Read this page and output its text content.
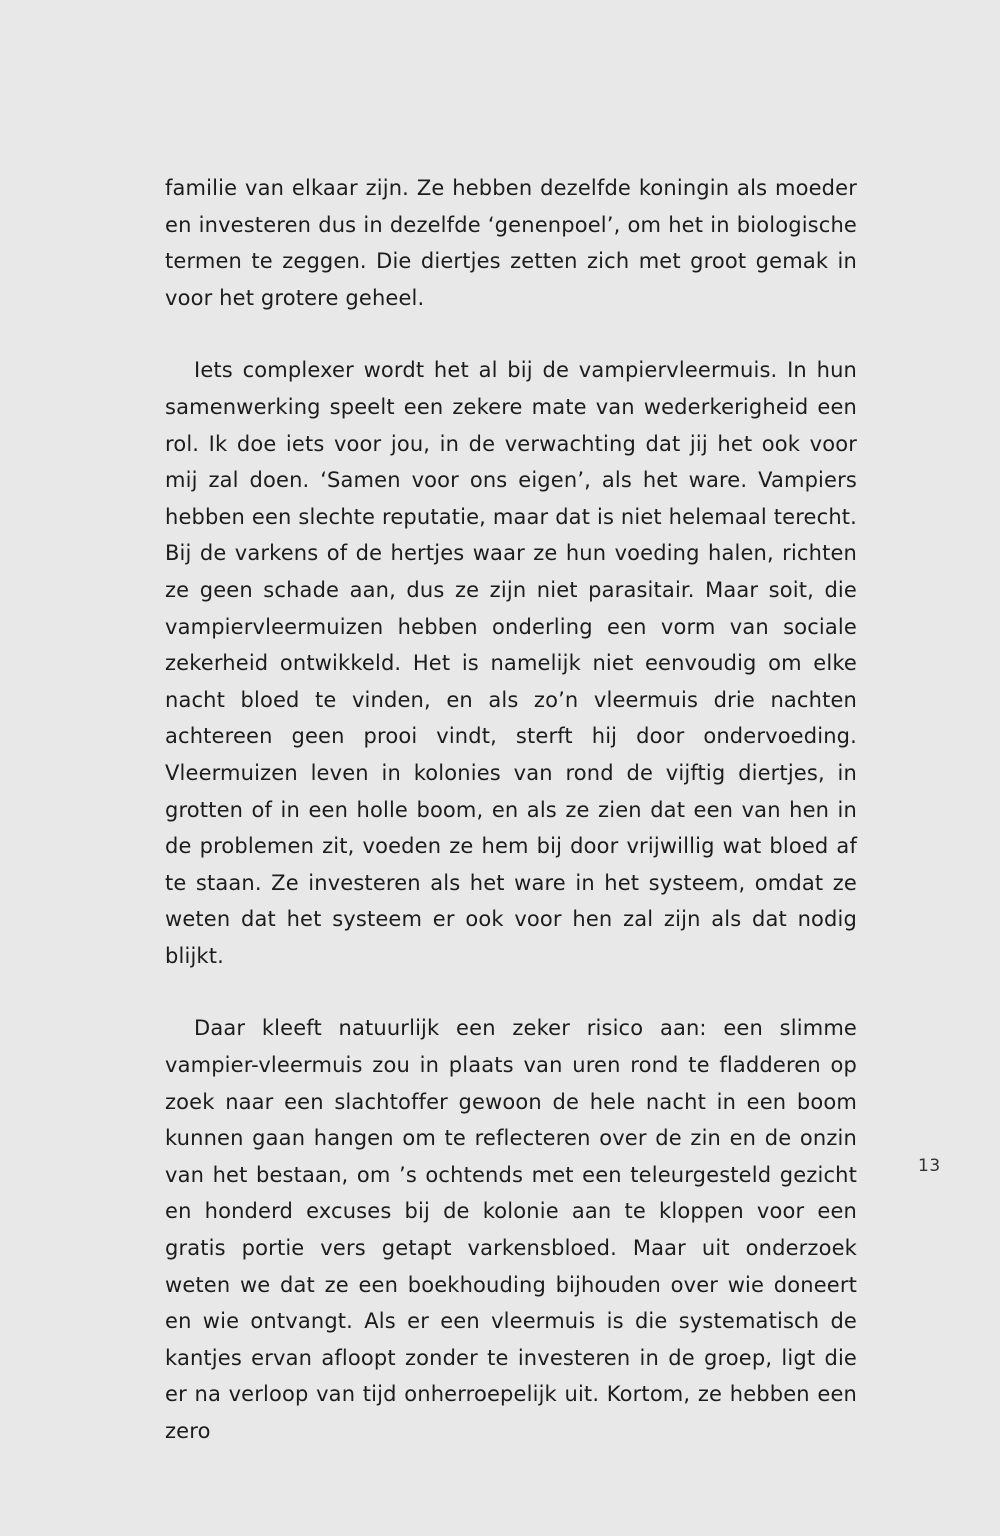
familie van elkaar zijn. Ze hebben dezelfde koningin als moeder en investeren dus in dezelfde ‘genenpoel’, om het in biologische termen te zeggen. Die diertjes zetten zich met groot gemak in voor het grotere geheel.

Iets complexer wordt het al bij de vampiervleermuis. In hun samenwerking speelt een zekere mate van wederkerigheid een rol. Ik doe iets voor jou, in de verwachting dat jij het ook voor mij zal doen. ‘Samen voor ons eigen’, als het ware. Vampiers hebben een slechte reputatie, maar dat is niet helemaal terecht. Bij de varkens of de hertjes waar ze hun voeding halen, richten ze geen schade aan, dus ze zijn niet parasitair. Maar soit, die vampiervleermuizen hebben onderling een vorm van sociale zekerheid ontwikkeld. Het is namelijk niet eenvoudig om elke nacht bloed te vinden, en als zo’n vleermuis drie nachten achtereen geen prooi vindt, sterft hij door ondervoeding. Vleermuizen leven in kolonies van rond de vijftig diertjes, in grotten of in een holle boom, en als ze zien dat een van hen in de problemen zit, voeden ze hem bij door vrijwillig wat bloed af te staan. Ze investeren als het ware in het systeem, omdat ze weten dat het systeem er ook voor hen zal zijn als dat nodig blijkt.

Daar kleeft natuurlijk een zeker risico aan: een slimme vampier-vleermuis zou in plaats van uren rond te fladderen op zoek naar een slachtoffer gewoon de hele nacht in een boom kunnen gaan hangen om te reflecteren over de zin en de onzin van het bestaan, om ’s ochtends met een teleurgesteld gezicht en honderd excuses bij de kolonie aan te kloppen voor een gratis portie vers getapt varkensbloed. Maar uit onderzoek weten we dat ze een boekhouding bijhouden over wie doneert en wie ontvangt. Als er een vleermuis is die systematisch de kantjes ervan afloopt zonder te investeren in de groep, ligt die er na verloop van tijd onherroepelijk uit. Kortom, ze hebben een zero

13
